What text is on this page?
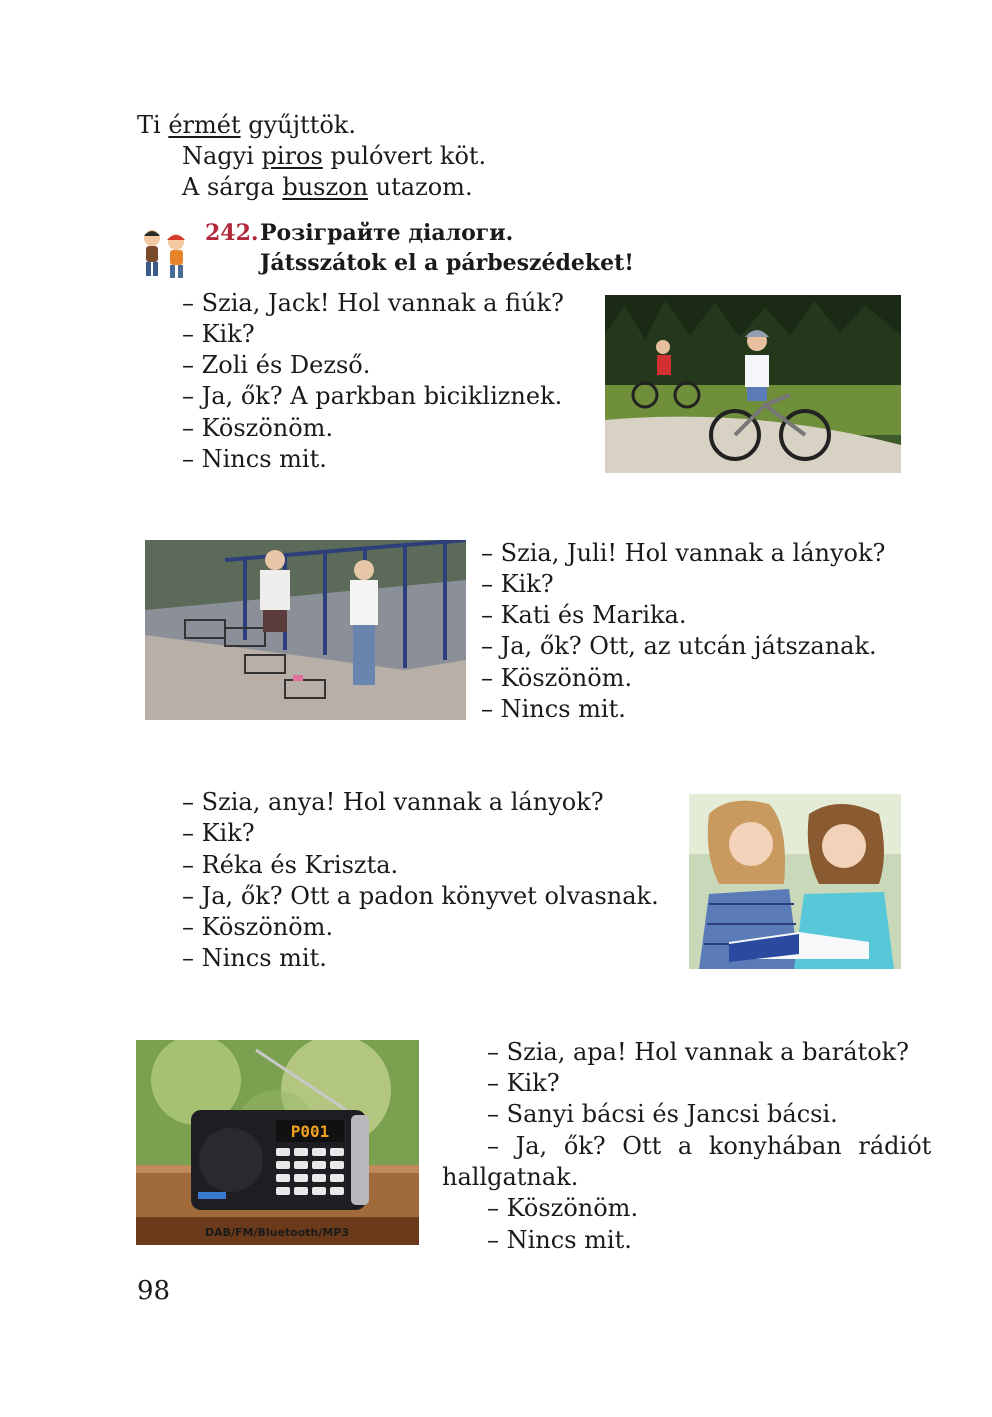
Ti érmét gyűjttök.
Nagyi piros pulóvert köt.
A sárga buszon utazom.
242. Розіграйте діалоги.
Játsszátok el a párbeszédeket!
– Szia, Jack! Hol vannak a fiúk?
– Kik?
– Zoli és Dezső.
– Ja, ők? A parkban bicikliznek.
– Köszönöm.
– Nincs mit.
– Szia, Juli! Hol vannak a lányok?
– Kik?
– Kati és Marika.
– Ja, ők? Ott, az utcán játszanak.
– Köszönöm.
– Nincs mit.
– Szia, anya! Hol vannak a lányok?
– Kik?
– Réka és Kriszta.
– Ja, ők? Ott a padon könyvet olvasnak.
– Köszönöm.
– Nincs mit.
P001
DAB/FM/Bluetooth/MP3
– Szia, apa! Hol vannak a barátok?
– Kik?
– Sanyi bácsi és Jancsi bácsi.
– Ja, ők? Ott a konyhában rádiót
hallgatnak.
– Köszönöm.
– Nincs mit.
98
